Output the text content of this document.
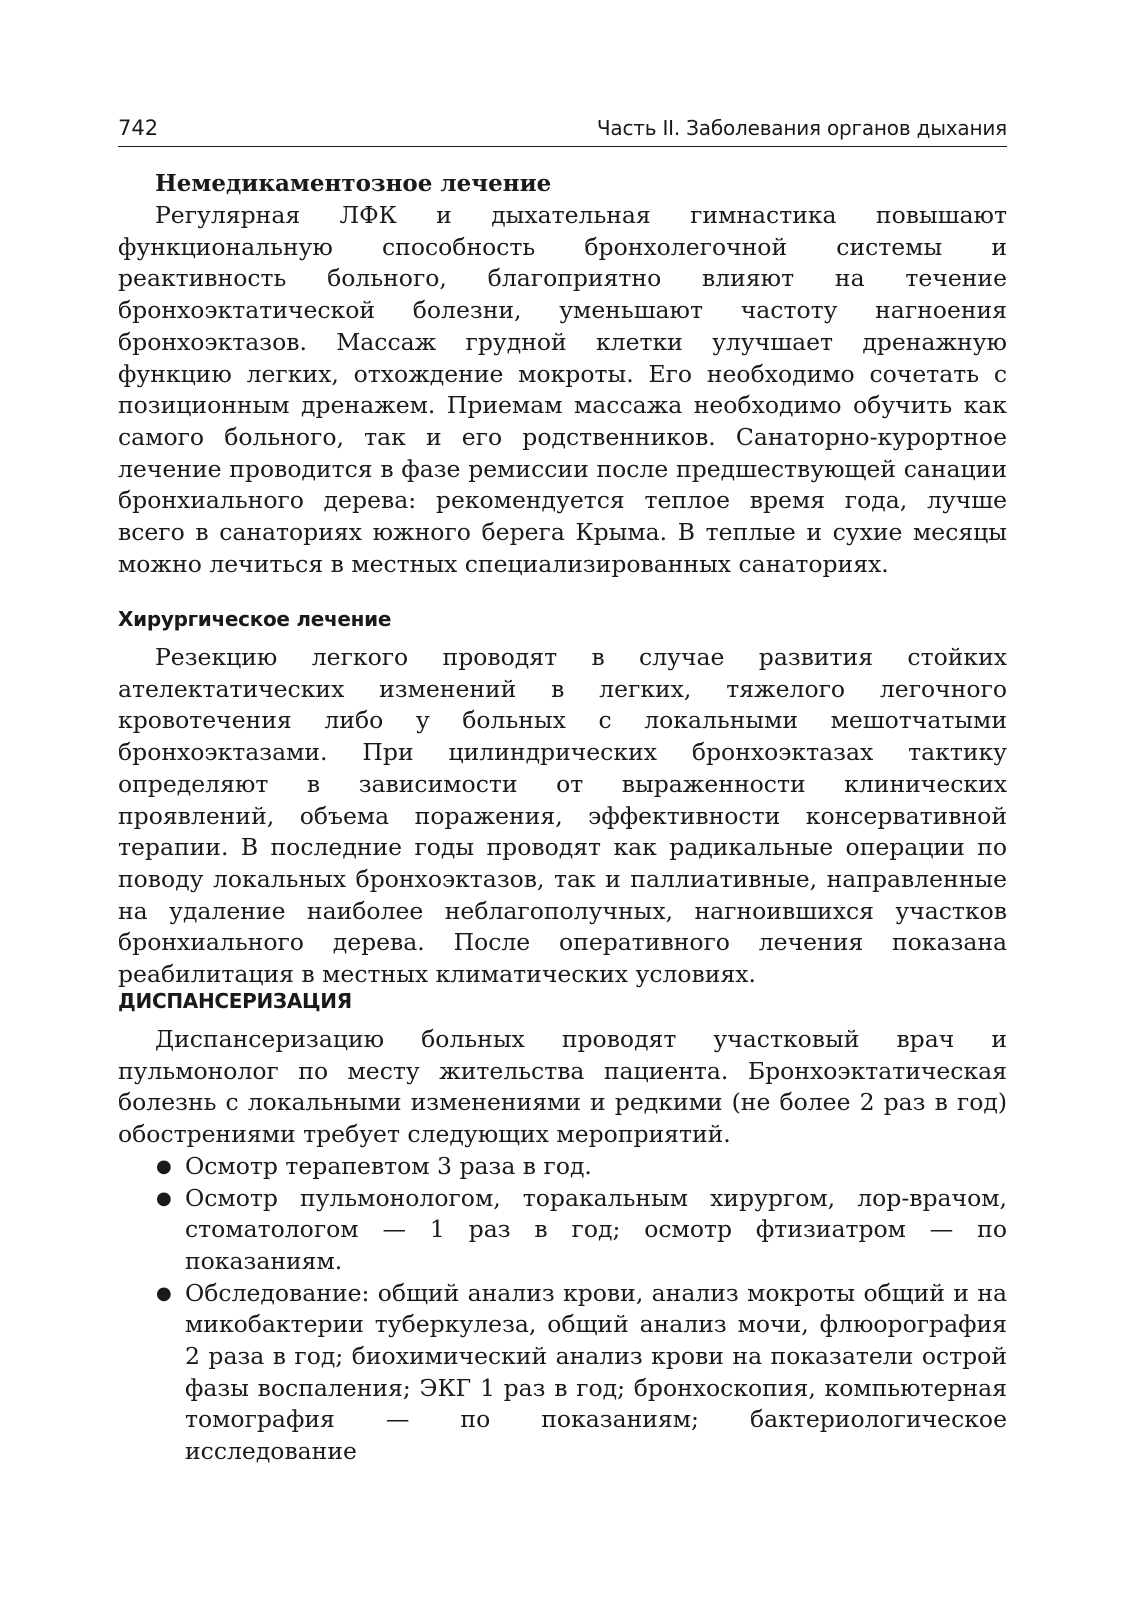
742	Часть II. Заболевания органов дыхания
Немедикаментозное лечение

Регулярная ЛФК и дыхательная гимнастика повышают функциональную способность бронхолегочной системы и реактивность больного, благоприятно влияют на течение бронхоэктатической болезни, уменьшают частоту нагноения бронхоэктазов. Массаж грудной клетки улучшает дренажную функцию легких, отхождение мокроты. Его необходимо сочетать с позиционным дренажем. Приемам массажа необходимо обучить как самого больного, так и его родственников. Санаторно-курортное лечение проводится в фазе ремиссии после предшествующей санации бронхиального дерева: рекомендуется теплое время года, лучше всего в санаториях южного берега Крыма. В теплые и сухие месяцы можно лечиться в местных специализированных санаториях.

Хирургическое лечение

Резекцию легкого проводят в случае развития стойких ателектатических изменений в легких, тяжелого легочного кровотечения либо у больных с локальными мешотчатыми бронхоэктазами. При цилиндрических бронхоэктазах тактику определяют в зависимости от выраженности клинических проявлений, объема поражения, эффективности консервативной терапии. В последние годы проводят как радикальные операции по поводу локальных бронхоэктазов, так и паллиативные, направленные на удаление наиболее неблагополучных, нагноившихся участков бронхиального дерева. После оперативного лечения показана реабилитация в местных климатических условиях.

ДИСПАНСЕРИЗАЦИЯ

Диспансеризацию больных проводят участковый врач и пульмонолог по месту жительства пациента. Бронхоэктатическая болезнь с локальными изменениями и редкими (не более 2 раз в год) обострениями требует следующих мероприятий.

● Осмотр терапевтом 3 раза в год.
● Осмотр пульмонологом, торакальным хирургом, лор-врачом, стоматологом — 1 раз в год; осмотр фтизиатром — по показаниям.
● Обследование: общий анализ крови, анализ мокроты общий и на микобактерии туберкулеза, общий анализ мочи, флюорография 2 раза в год; биохимический анализ крови на показатели острой фазы воспаления; ЭКГ 1 раз в год; бронхоскопия, компьютерная томография — по показаниям; бактериологическое исследование
